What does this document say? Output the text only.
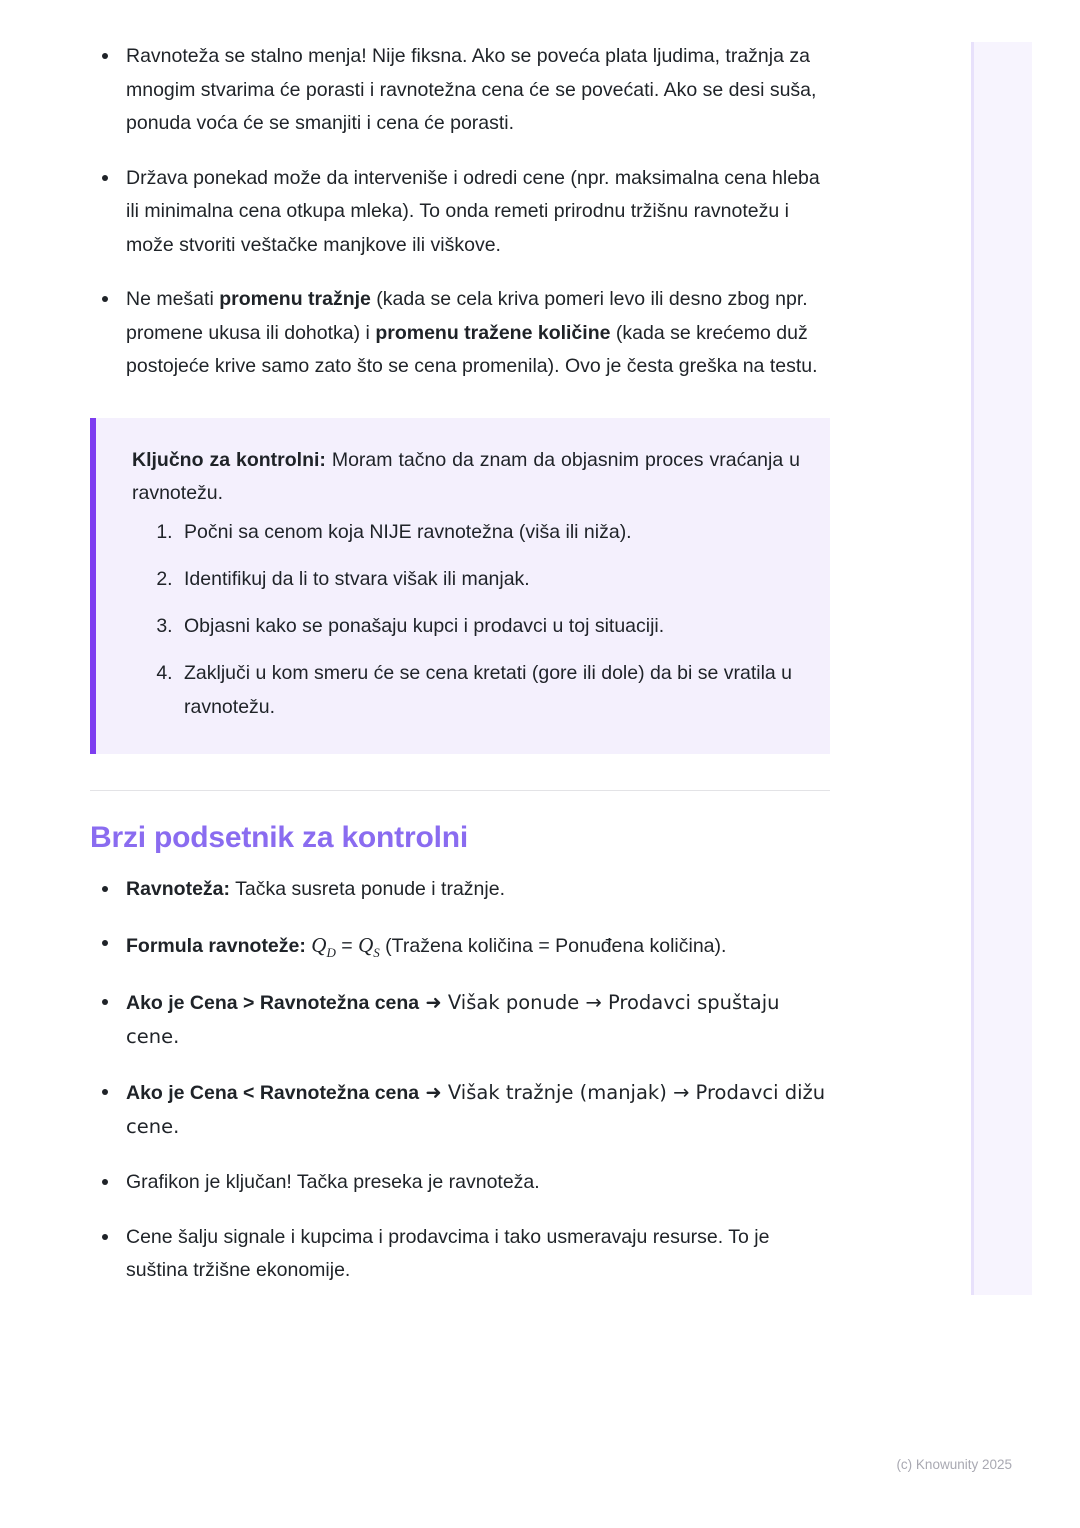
Ravnoteža se stalno menja! Nije fiksna. Ako se poveća plata ljudima, tražnja za mnogim stvarima će porasti i ravnotežna cena će se povećati. Ako se desi suša, ponuda voća će se smanjiti i cena će porasti.
Država ponekad može da interveniše i odredi cene (npr. maksimalna cena hleba ili minimalna cena otkupa mleka). To onda remeti prirodnu tržišnu ravnotežu i može stvoriti veštačke manjkove ili viškove.
Ne mešati promenu tražnje (kada se cela kriva pomeri levo ili desno zbog npr. promene ukusa ili dohotka) i promenu tražene količine (kada se krećemo duž postojeće krive samo zato što se cena promenila). Ovo je česta greška na testu.

Ključno za kontrolni: Moram tačno da znam da objasnim proces vraćanja u ravnotežu.

1. Počni sa cenom koja NIJE ravnotežna (viša ili niža).
2. Identifikuj da li to stvara višak ili manjak.
3. Objasni kako se ponašaju kupci i prodavci u toj situaciji.
4. Zaključi u kom smeru će se cena kretati (gore ili dole) da bi se vratila u ravnotežu.
Brzi podsetnik za kontrolni
Ravnoteža: Tačka susreta ponude i tražnje.
Formula ravnoteže: $Q_D = Q_S$ (Tražena količina = Ponuđena količina).
Ako je Cena > Ravnotežna cena ➜ Višak ponude → Prodavci spuštaju cene.
Ako je Cena < Ravnotežna cena ➜ Višak tražnje (manjak) → Prodavci dižu cene.
Grafikon je ključan! Tačka preseka je ravnoteža.
Cene šalju signale i kupcima i prodavcima i tako usmeravaju resurse. To je suština tržišne ekonomije.
(c) Knowunity 2025
